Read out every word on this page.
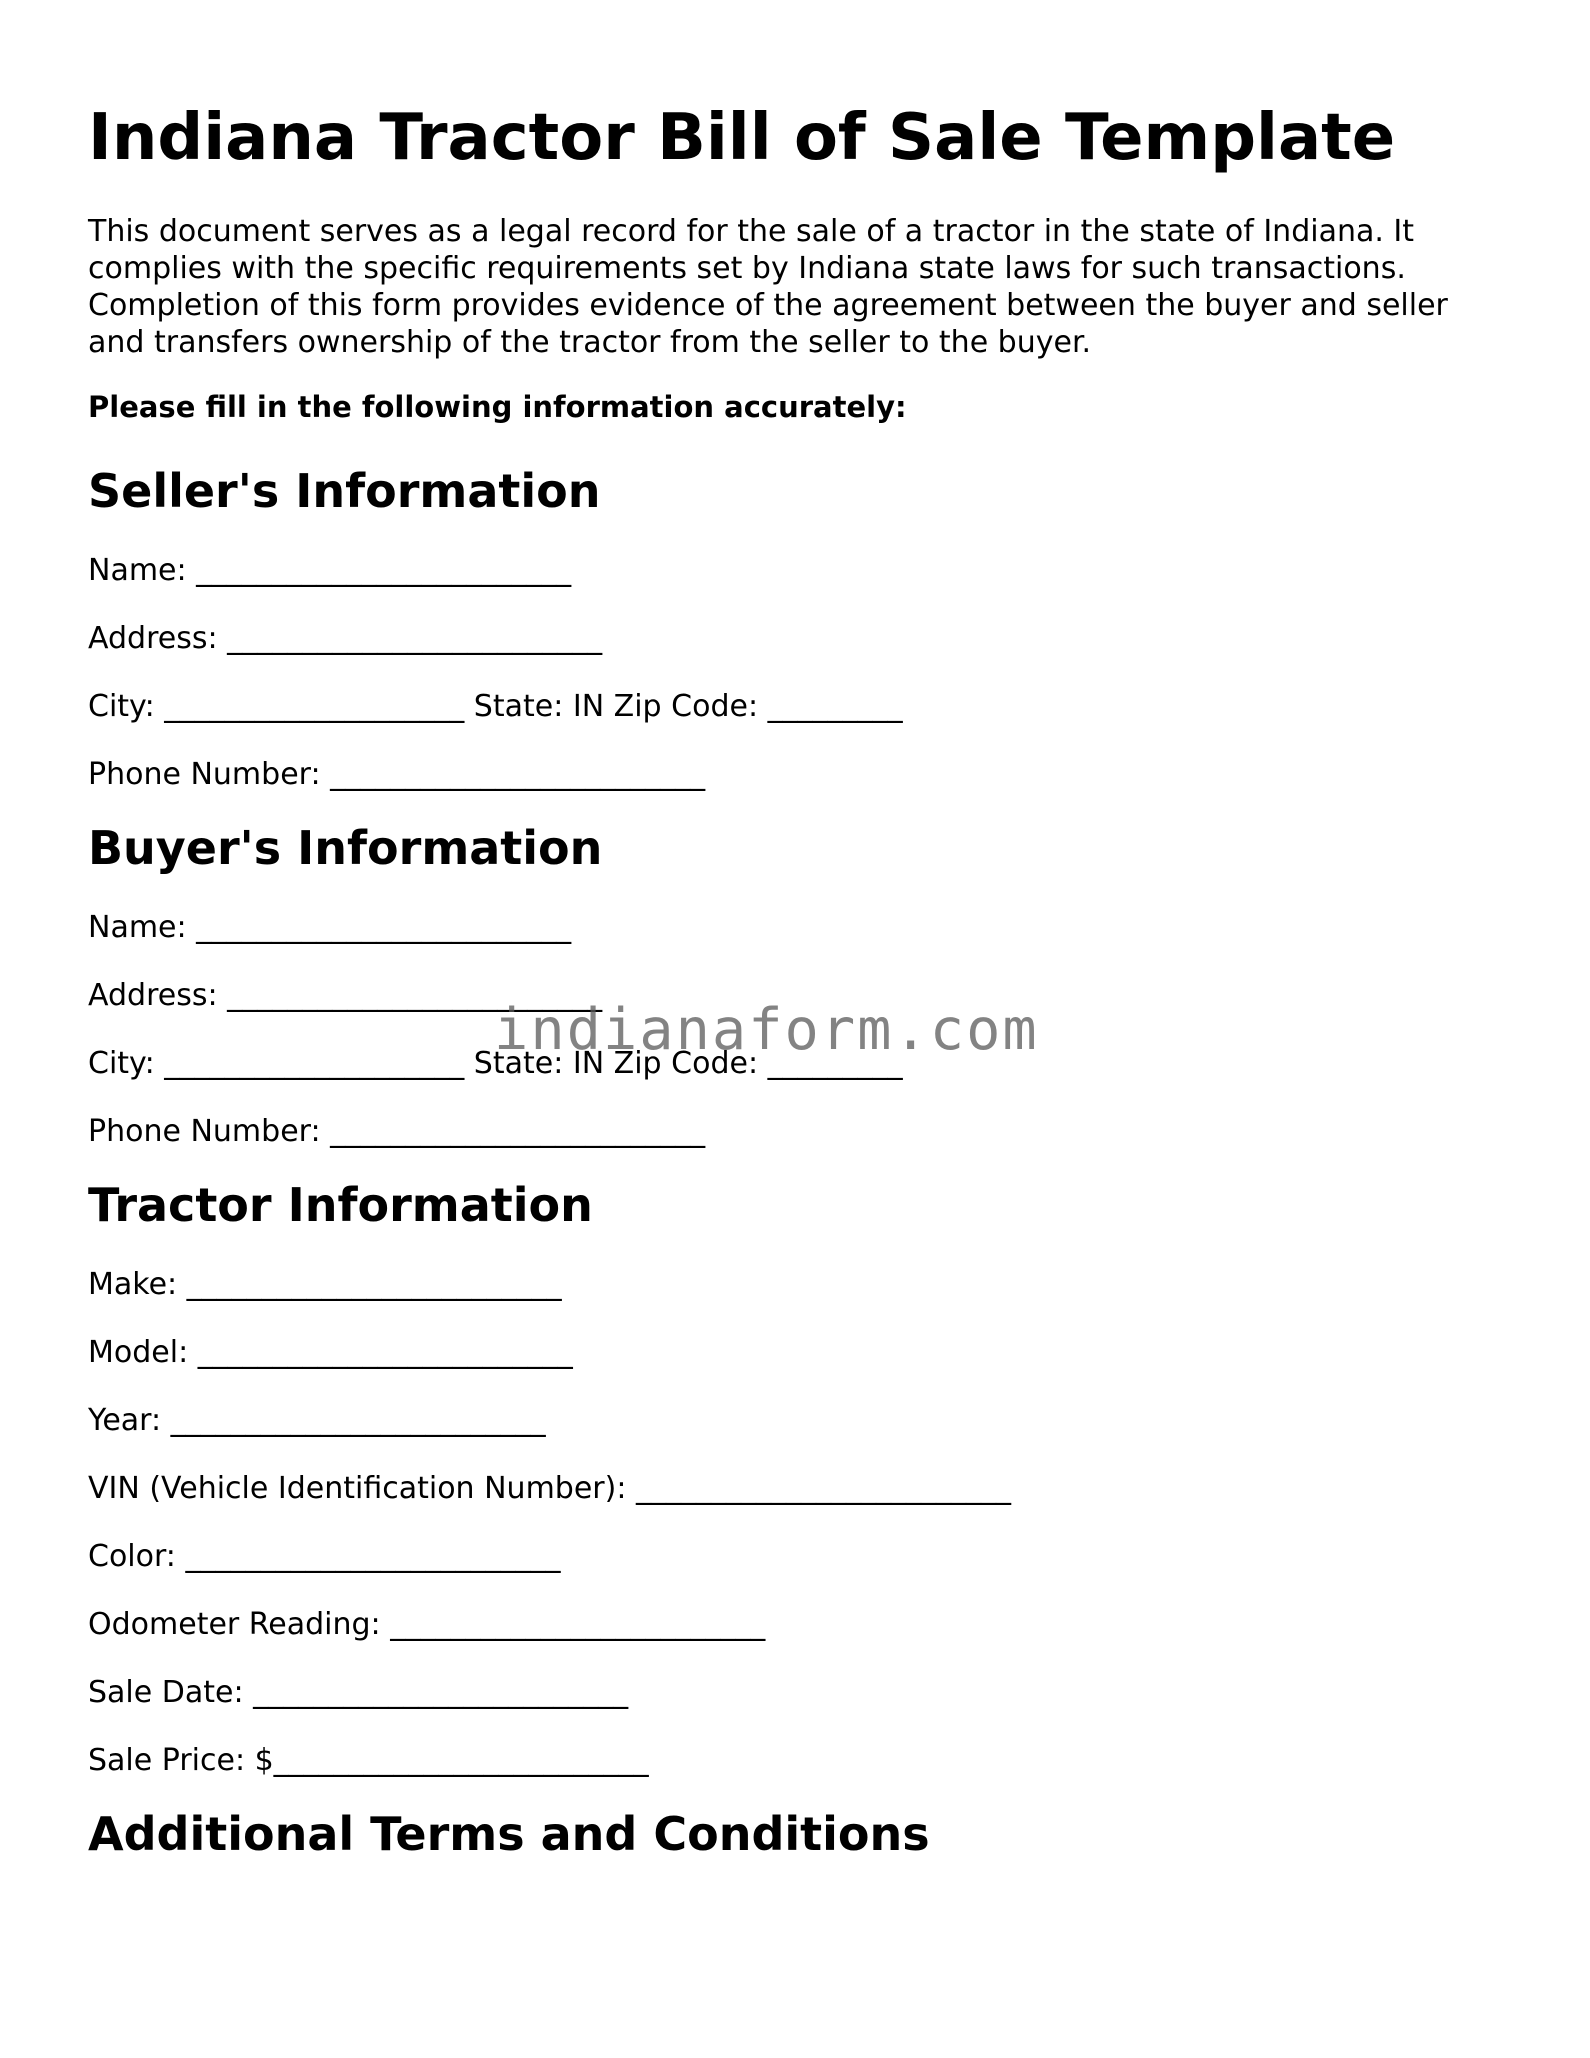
Indiana Tractor Bill of Sale Template

This document serves as a legal record for the sale of a tractor in the state of Indiana. It complies with the specific requirements set by Indiana state laws for such transactions. Completion of this form provides evidence of the agreement between the buyer and seller and transfers ownership of the tractor from the seller to the buyer.

Please fill in the following information accurately:

Seller's Information
Name: _________________________
Address: _________________________
City: ____________________ State: IN Zip Code: _________
Phone Number: _________________________
Buyer's Information
Name: _________________________
Address: _________________________
City: ____________________ State: IN Zip Code: _________
Phone Number: _________________________
Tractor Information
Make: _________________________
Model: _________________________
Year: _________________________
VIN (Vehicle Identification Number): _________________________
Color: _________________________
Odometer Reading: _________________________
Sale Date: _________________________
Sale Price: $_________________________
Additional Terms and Conditions
indianaform.com
